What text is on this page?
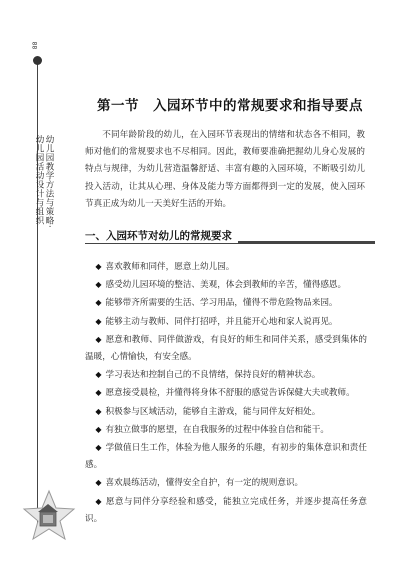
88
幼儿园教学方法与策略·
幼儿园活动设计与组织
第一节　入园环节中的常规要求和指导要点

不同年龄阶段的幼儿，在入园环节表现出的情绪和状态各不相同，教师对他们的常规要求也不尽相同。因此，教师要准确把握幼儿身心发展的特点与规律，为幼儿营造温馨舒适、丰富有趣的入园环境，不断吸引幼儿投入活动，让其从心理、身体及能力等方面都得到一定的发展，使入园环节真正成为幼儿一天美好生活的开始。

一、入园环节对幼儿的常规要求
◆ 喜欢教师和同伴，愿意上幼儿园。
◆ 感受幼儿园环境的整洁、美观，体会到教师的辛苦，懂得感恩。
◆ 能够带齐所需要的生活、学习用品，懂得不带危险物品来园。
◆ 能够主动与教师、同伴打招呼，并且能开心地和家人说再见。
◆ 愿意和教师、同伴做游戏，有良好的师生和同伴关系，感受到集体的温暖，心情愉快，有安全感。
◆ 学习表达和控制自己的不良情绪，保持良好的精神状态。
◆ 愿意接受晨检，并懂得将身体不舒服的感觉告诉保健大夫或教师。
◆ 积极参与区域活动，能够自主游戏，能与同伴友好相处。
◆ 有独立做事的愿望，在自我服务的过程中体验自信和能干。
◆ 学做值日生工作，体验为他人服务的乐趣，有初步的集体意识和责任感。
◆ 喜欢晨练活动，懂得安全自护，有一定的规则意识。
◆ 愿意与同伴分享经验和感受，能独立完成任务，并逐步提高任务意识。
